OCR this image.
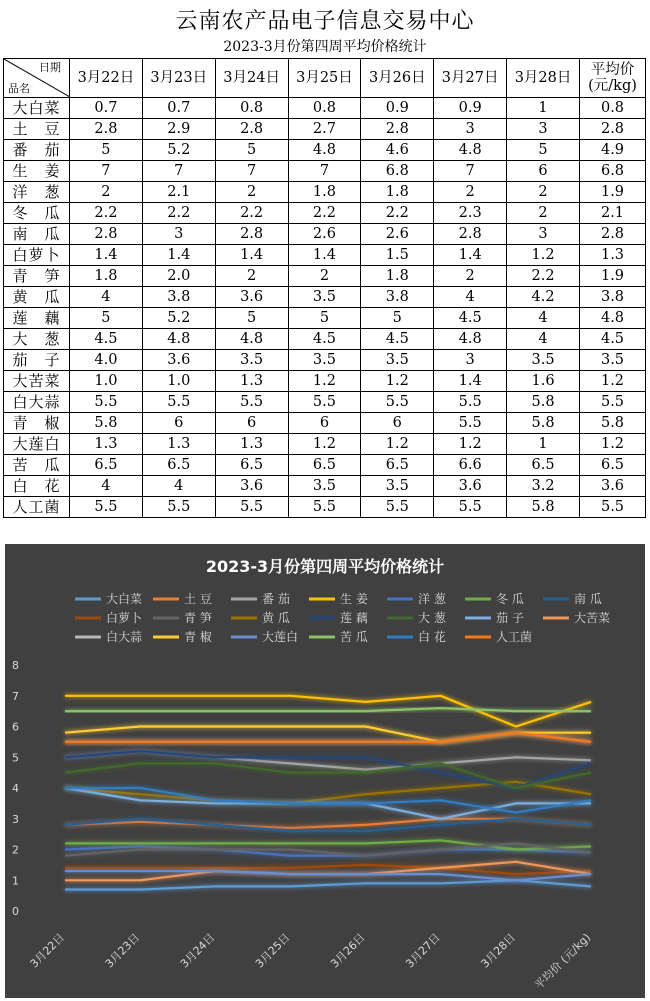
云南农产品电子信息交易中心
2023-3月份第四周平均价格统计
日期
品名	3月22日	3月23日	3月24日	3月25日	3月26日	3月27日	3月28日	平均价
(元/kg)
大白菜	0.7	0.7	0.8	0.8	0.9	0.9	1	0.8
土　豆	2.8	2.9	2.8	2.7	2.8	3	3	2.8
番　茄	5	5.2	5	4.8	4.6	4.8	5	4.9
生　姜	7	7	7	7	6.8	7	6	6.8
洋　葱	2	2.1	2	1.8	1.8	2	2	1.9
冬　瓜	2.2	2.2	2.2	2.2	2.2	2.3	2	2.1
南　瓜	2.8	3	2.8	2.6	2.6	2.8	3	2.8
白萝卜	1.4	1.4	1.4	1.4	1.5	1.4	1.2	1.3
青　笋	1.8	2.0	2	2	1.8	2	2.2	1.9
黄　瓜	4	3.8	3.6	3.5	3.8	4	4.2	3.8
莲　藕	5	5.2	5	5	5	4.5	4	4.8
大　葱	4.5	4.8	4.8	4.5	4.5	4.8	4	4.5
茄　子	4.0	3.6	3.5	3.5	3.5	3	3.5	3.5
大苦菜	1.0	1.0	1.3	1.2	1.2	1.4	1.6	1.2
白大蒜	5.5	5.5	5.5	5.5	5.5	5.5	5.8	5.5
青　椒	5.8	6	6	6	6	5.5	5.8	5.8
大莲白	1.3	1.3	1.3	1.2	1.2	1.2	1	1.2
苦　瓜	6.5	6.5	6.5	6.5	6.5	6.6	6.5	6.5
白　花	4	4	3.6	3.5	3.5	3.6	3.2	3.6
人工菌	5.5	5.5	5.5	5.5	5.5	5.5	5.8	5.5
2023-3月份第四周平均价格统计
大白菜	土 豆	番 茄	生 姜	洋 葱	冬 瓜	南 瓜
白萝卜	青 笋	黄 瓜	莲 藕	大 葱	茄 子	大苦菜
白大蒜	青 椒	大莲白	苦 瓜	白 花	人工菌
0
1
2
3
4
5
6
7
8
3月22日	3月23日	3月24日	3月25日	3月26日	3月27日	3月28日 平均价 (元/kg)
